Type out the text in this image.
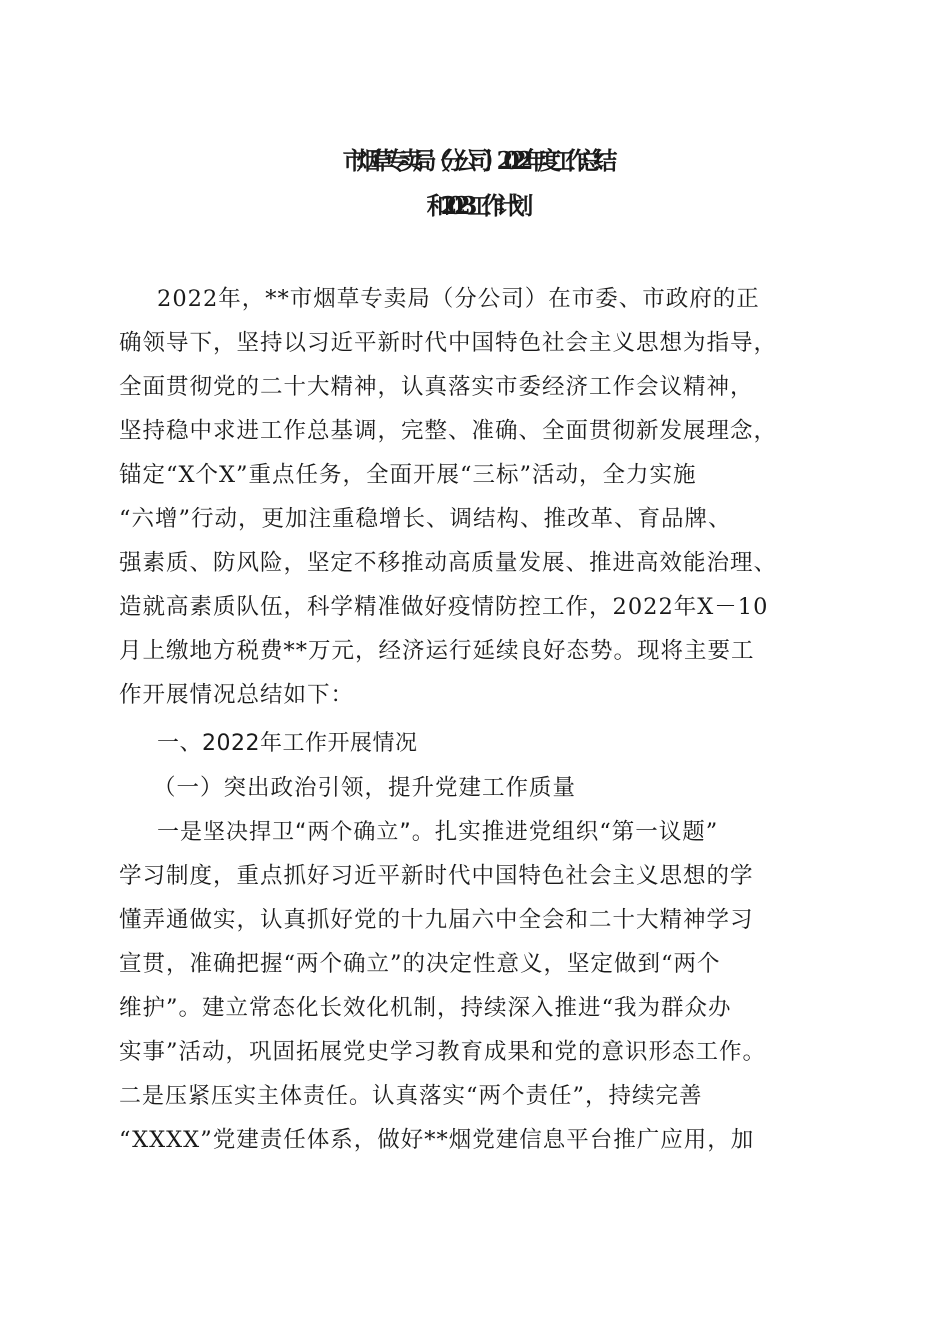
市烟草专卖局（分公司）2022年度工作总结
和2023工作计划
2022年，**市烟草专卖局（分公司）在市委、市政府的正
确领导下，坚持以习近平新时代中国特色社会主义思想为指导，
全面贯彻党的二十大精神，认真落实市委经济工作会议精神，
坚持稳中求进工作总基调，完整、准确、全面贯彻新发展理念，
锚定“X个X”重点任务，全面开展“三标”活动，全力实施
“六增”行动，更加注重稳增长、调结构、推改革、育品牌、
强素质、防风险，坚定不移推动高质量发展、推进高效能治理、
造就高素质队伍，科学精准做好疫情防控工作，2022年X－10
月上缴地方税费**万元，经济运行延续良好态势。现将主要工
作开展情况总结如下：
一、2022年工作开展情况
（一）突出政治引领，提升党建工作质量
一是坚决捍卫“两个确立”。扎实推进党组织“第一议题”
学习制度，重点抓好习近平新时代中国特色社会主义思想的学
懂弄通做实，认真抓好党的十九届六中全会和二十大精神学习
宣贯，准确把握“两个确立”的决定性意义，坚定做到“两个
维护”。建立常态化长效化机制，持续深入推进“我为群众办
实事”活动，巩固拓展党史学习教育成果和党的意识形态工作。
二是压紧压实主体责任。认真落实“两个责任”，持续完善
“XXXX”党建责任体系，做好**烟党建信息平台推广应用，加
